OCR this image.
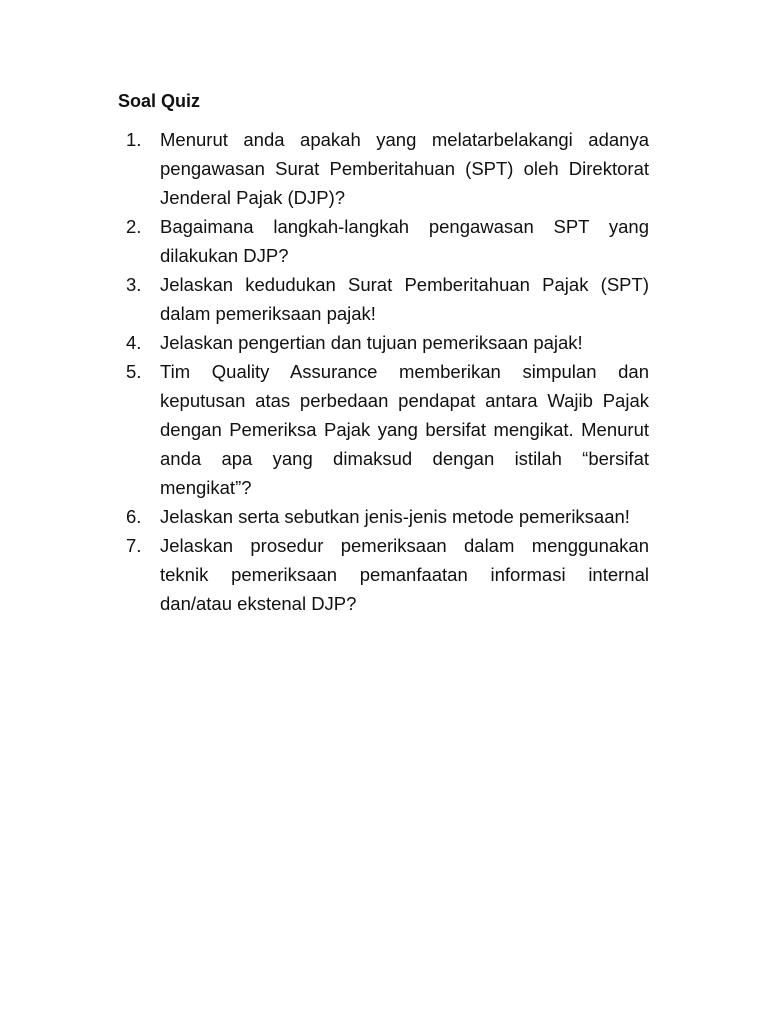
Soal Quiz
1.	Menurut anda apakah yang melatarbelakangi adanya pengawasan Surat Pemberitahuan (SPT) oleh Direktorat Jenderal Pajak (DJP)?
2.	Bagaimana langkah-langkah pengawasan SPT yang dilakukan DJP?
3.	Jelaskan kedudukan Surat Pemberitahuan Pajak (SPT) dalam pemeriksaan pajak!
4.	Jelaskan pengertian dan tujuan pemeriksaan pajak!
5.	Tim Quality Assurance memberikan simpulan dan keputusan atas perbedaan pendapat antara Wajib Pajak dengan Pemeriksa Pajak yang bersifat mengikat. Menurut anda apa yang dimaksud dengan istilah “bersifat mengikat”?
6.	Jelaskan serta sebutkan jenis-jenis metode pemeriksaan!
7.	Jelaskan prosedur pemeriksaan dalam menggunakan teknik pemeriksaan pemanfaatan informasi internal dan/atau ekstenal DJP?
